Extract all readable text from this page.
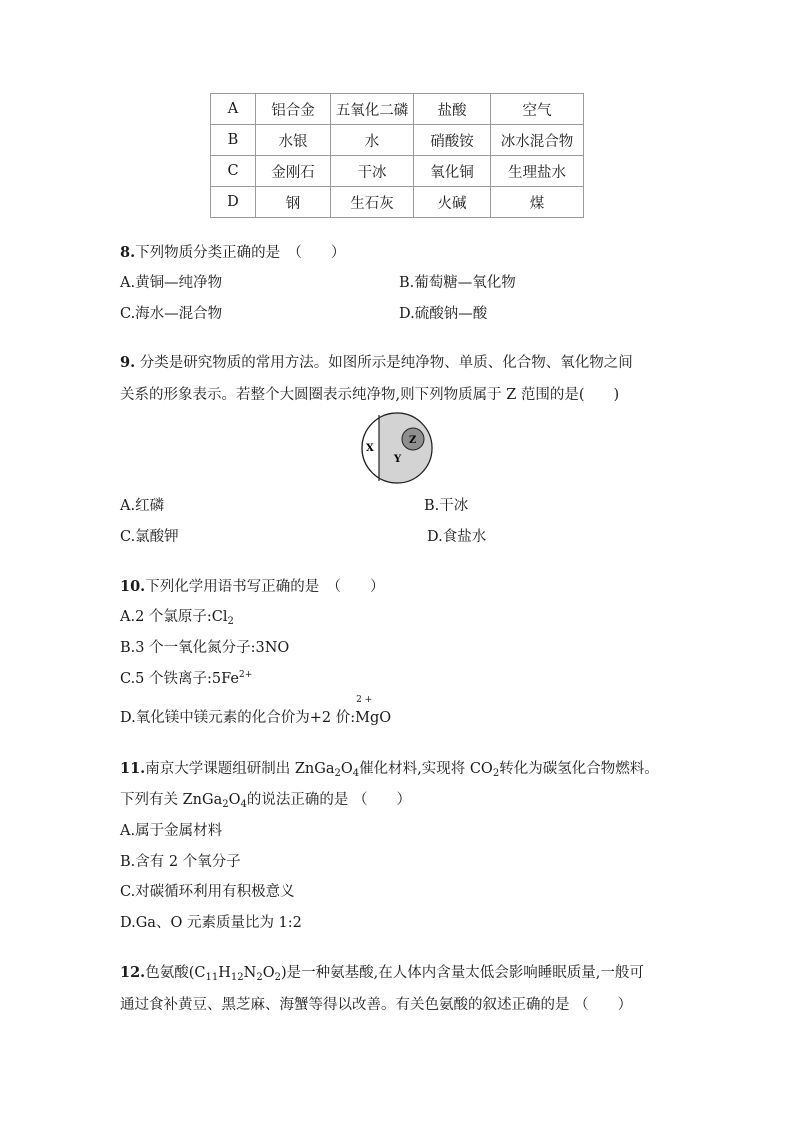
A	铝合金	五氧化二磷	盐酸	空气
B	水银	水	硝酸铵	冰水混合物
C	金刚石	干冰	氧化铜	生理盐水
D	钢	生石灰	火碱	煤
8.下列物质分类正确的是　（　　）
A.黄铜—纯净物	B.葡萄糖—氧化物
C.海水—混合物	D.硫酸钠—酸
9. 分类是研究物质的常用方法。如图所示是纯净物、单质、化合物、氧化物之间
关系的形象表示。若整个大圆圈表示纯净物,则下列物质属于 Z 范围的是(　　)
X
Y
Z
A.红磷	B.干冰
C.氯酸钾	D.食盐水
10.下列化学用语书写正确的是　（　　）
A.2 个氯原子$:Cl_2$
B.3 个一氧化氮分子:3NO
C.5 个铁离子$:5Fe^{2+}$
D.氧化镁中镁元素的化合价为+2 价:
2 +
MgO
11.南京大学课题组研制出 $ZnGa_2O_4$催化材料,实现将 $CO_2$转化为碳氢化合物燃料。
下列有关 $ZnGa_2O_4$的说法正确的是 （　　）
A.属于金属材料
B.含有 2 个氧分子
C.对碳循环利用有积极意义
D.Ga、O 元素质量比为 1:2
12.色氨酸$(C_{11}H_{12}N_2O_2)$是一种氨基酸,在人体内含量太低会影响睡眠质量,一般可
通过食补黄豆、黑芝麻、海蟹等得以改善。有关色氨酸的叙述正确的是 （　　）
